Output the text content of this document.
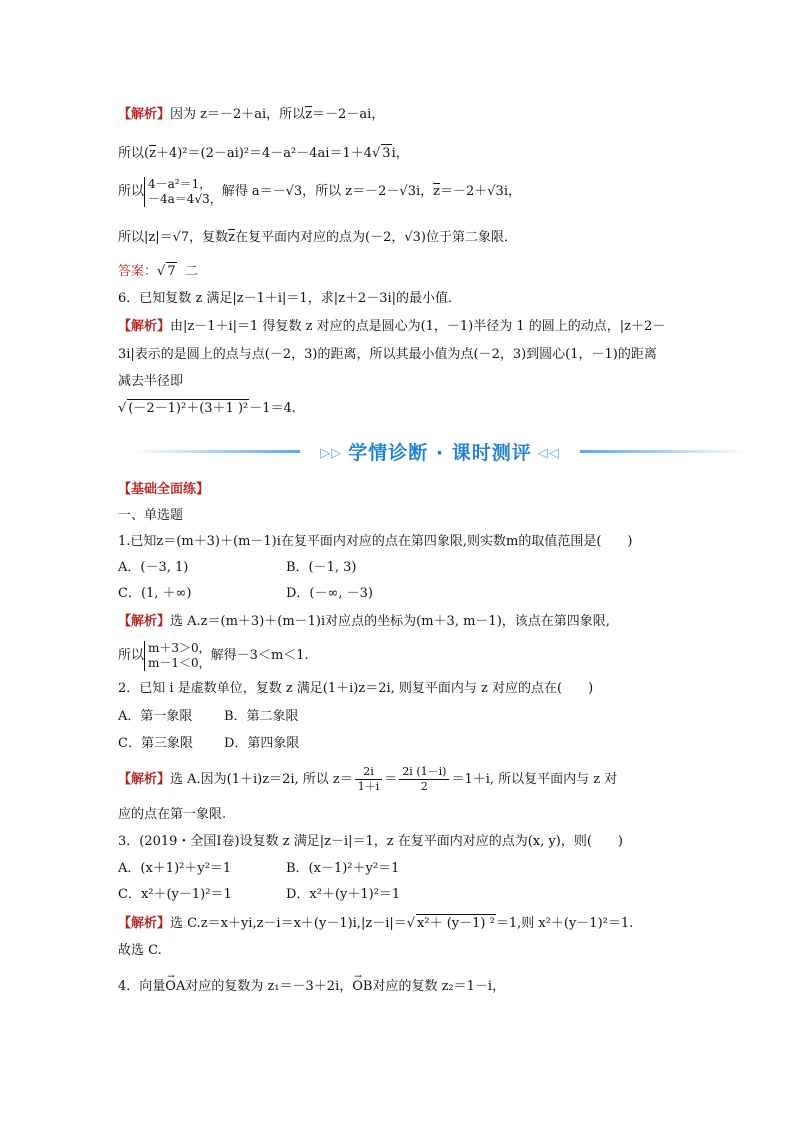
【解析】因为 z＝－2＋ai，所以$\overline{z}=-2-ai$，
所以$(\overline{z}+4)^2=(2-ai)^2=4-a^2-4ai=1+4√$ 3i，
所以4－a²＝1，
－4a＝4√3，解得 a＝－√3，所以 z＝－2－√3i，$\overline{z}=-2+√3i$，
所以|z|＝√7，复数$\overline{z}$在复平面内对应的点为(－2，√3)位于第二象限．
答案：√ 7 二
6．已知复数 z 满足|z－1＋i|＝1，求|z＋2－3i|的最小值．
【解析】由|z－1＋i|＝1 得复数 z 对应的点是圆心为(1，－1)半径为 1 的圆上的动点，|z＋2－
3i|表示的是圆上的点与点(－2，3)的距离，所以其最小值为点(－2，3)到圆心(1，－1)的距离
减去半径即
√ (－2－1)²＋(3＋1 )²－1＝4.
▷▷ 学情诊断 · 课时测评 ◁◁
【基础全面练】
一、单选题
1.已知z＝(m＋3)＋(m－1)i在复平面内对应的点在第四象限,则实数m的取值范围是(　　)
A．(－3, 1)	B．(－1, 3)
C．(1, ＋∞)	D．(－∞, －3)
【解析】选 A.z＝(m＋3)＋(m－1)i对应点的坐标为(m＋3, m－1)，该点在第四象限,
所以m＋3＞0，
m－1＜0，解得－3＜m＜1.
2．已知 i 是虚数单位，复数 z 满足(1＋i)z＝2i, 则复平面内与 z 对应的点在(　　)
A．第一象限 B．第二象限
C．第三象限 D．第四象限
【解析】选 A.因为(1＋i)z＝2i, 所以 $z= \frac{2i}{1+i} = \frac{2i (1-i)}{2} =1+i$, 所以复平面内与 z 对
应的点在第一象限.
3．(2019・全国Ⅰ卷)设复数 z 满足|z－i|＝1，z 在复平面内对应的点为(x, y)，则(　　)
A．(x＋1)²＋y²＝1	B．(x－1)²＋y²＝1
C．x²＋(y－1)²＝1	D．x²＋(y＋1)²＝1
【解析】选 C.z＝x＋yi,z－i＝x＋(y－1)i,|z－i|＝√ x²＋ (y－1) ²＝1,则 x²＋(y－1)²＝1.
故选 C.
4．向量→ OA对应的复数为 z₁＝－3＋2i，→ OB对应的复数 z₂＝1－i，
